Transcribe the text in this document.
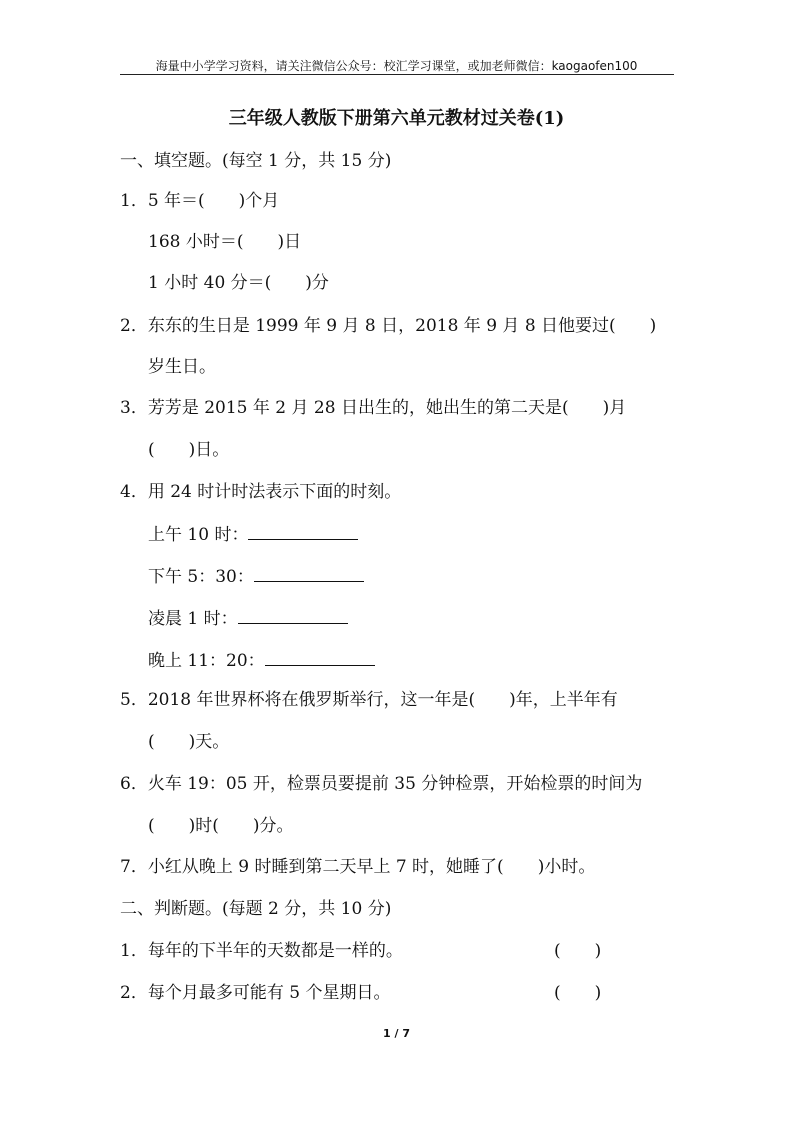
海量中小学学习资料，请关注微信公众号：校汇学习课堂，或加老师微信：kaogaofen100
三年级人教版下册第六单元教材过关卷(1)
一、填空题。(每空 1 分，共 15 分)
1．5 年＝(　　)个月
168 小时＝(　　)日
1 小时 40 分＝(　　)分
2．东东的生日是 1999 年 9 月 8 日，2018 年 9 月 8 日他要过(　　)
岁生日。
3．芳芳是 2015 年 2 月 28 日出生的，她出生的第二天是(　　)月
(　　)日。
4．用 24 时计时法表示下面的时刻。
上午 10 时：
下午 5：30：
凌晨 1 时：
晚上 11：20：
5．2018 年世界杯将在俄罗斯举行，这一年是(　　)年，上半年有
(　　)天。
6．火车 19：05 开，检票员要提前 35 分钟检票，开始检票的时间为
(　　)时(　　)分。
7．小红从晚上 9 时睡到第二天早上 7 时，她睡了(　　)小时。
二、判断题。(每题 2 分，共 10 分)
1．每年的下半年的天数都是一样的。	(　　)
2．每个月最多可能有 5 个星期日。	(　　)
1 / 7
